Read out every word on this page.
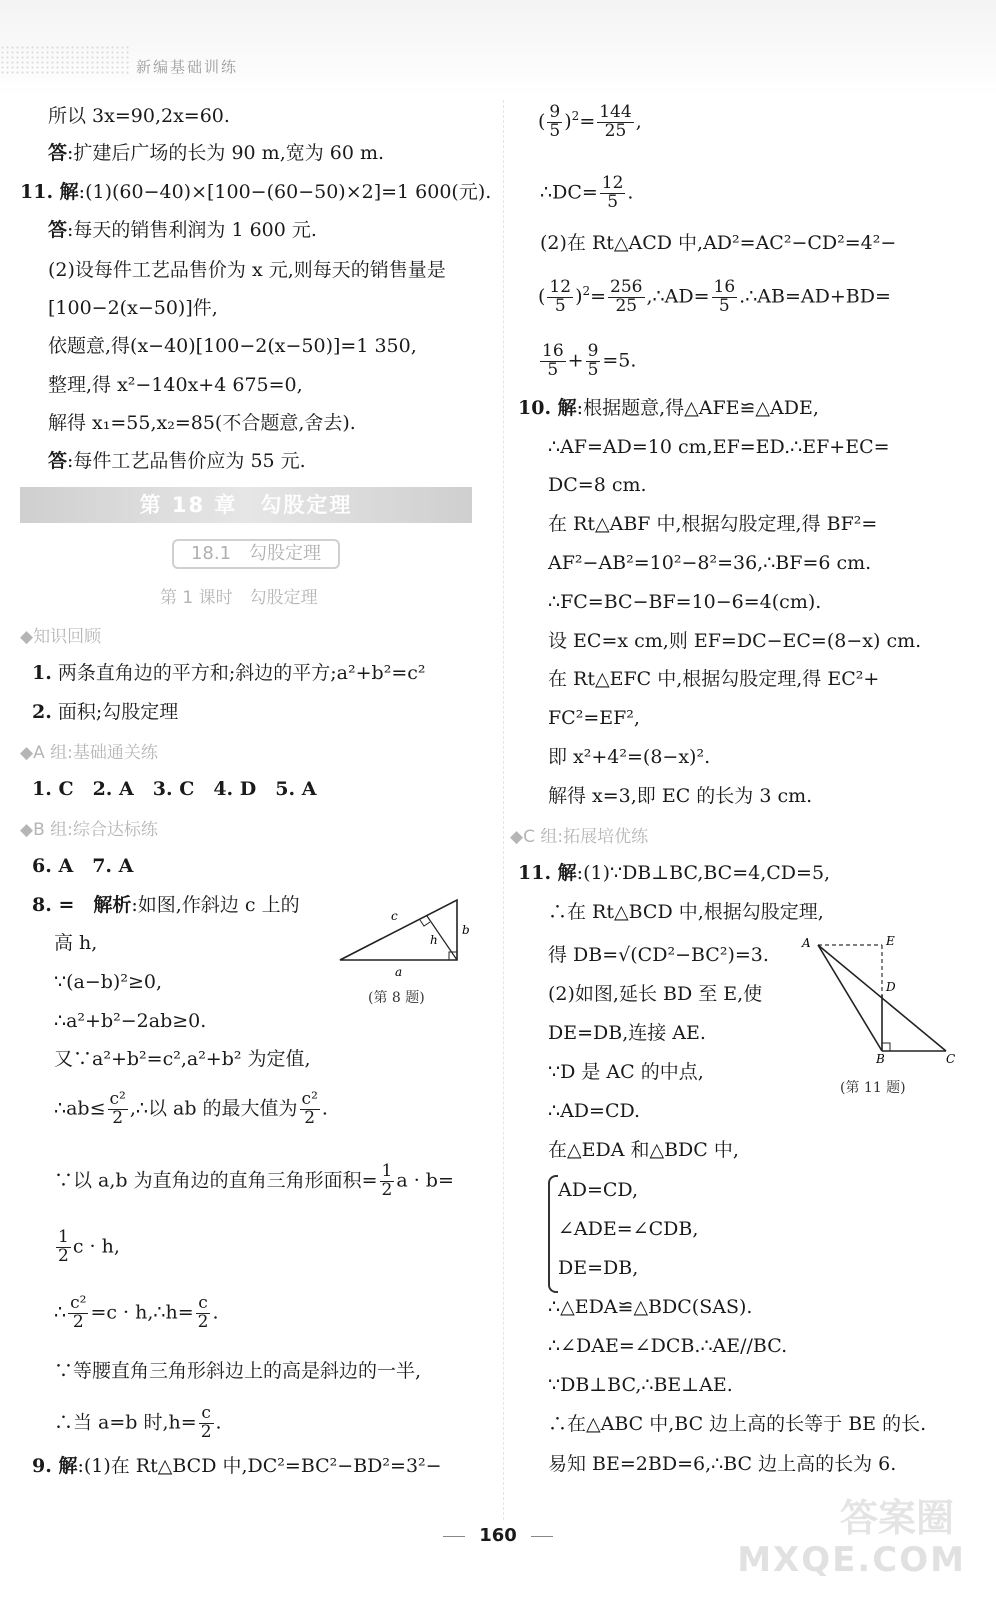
新编基础训练
所以 3x=90,2x=60.
答:扩建后广场的长为 90 m,宽为 60 m.
11. 解:(1)(60−40)×[100−(60−50)×2]=1 600(元).
答:每天的销售利润为 1 600 元.
(2)设每件工艺品售价为 x 元,则每天的销售量是
[100−2(x−50)]件,
依题意,得(x−40)[100−2(x−50)]=1 350,
整理,得 x²−140x+4 675=0,
解得 x₁=55,x₂=85(不合题意,舍去).
答:每件工艺品售价应为 55 元.
第 18 章　勾股定理
18.1　勾股定理
第 1 课时　勾股定理
◆知识回顾
1. 两条直角边的平方和;斜边的平方;a²+b²=c²
2. 面积;勾股定理
◆A 组:基础通关练
1. C　2. A　3. C　4. D　5. A
◆B 组:综合达标练
6. A　7. A
8. =　 解析:如图,作斜边 c 上的
高 h,
∵(a−b)²≥0,
∴a²+b²−2ab≥0.
又∵a²+b²=c²,a²+b² 为定值,
∴ab≤ $\frac{\text{c²}}{2}$ ,∴以 ab 的最大值为 $\frac{\text{c²}}{2}$ .
∵以 a,b 为直角边的直角三角形面积= $\frac{1}{2}$ a · b=
$\frac{1}{2}$ c · h,
∴ $\frac{\text{c²}}{2} =c$ · h,∴h= $\frac{c}{2}$ .
∵等腰直角三角形斜边上的高是斜边的一半,
∴当 a=b 时$,h= \frac{c}{2}$ .
9. 解:(1)在 Rt△BCD 中,DC²=BC²−BD²=3²−
c
h
b
a
(第 8 题)
( $\frac{9}{5} )^2= \frac{144}{25}$ ,
∴DC= $\frac{12}{5}$ .
(2)在 Rt△ACD 中,AD²=AC²−CD²=4²−
( $\frac{12}{5} )^2= \frac{256}{25}$ ,∴AD= $\frac{16}{5}$ .∴AB=AD+BD=
$\frac{16}{5} + \frac{9}{5} =5$.
10. 解:根据题意,得△AFE≌△ADE,
∴AF=AD=10 cm,EF=ED.∴EF+EC=
DC=8 cm.
在 Rt△ABF 中,根据勾股定理,得 BF²=
AF²−AB²=10²−8²=36,∴BF=6 cm.
∴FC=BC−BF=10−6=4(cm).
设 EC=x cm,则 EF=DC−EC=(8−x) cm.
在 Rt△EFC 中,根据勾股定理,得 EC²+
FC²=EF²,
即 x²+4²=(8−x)².
解得 x=3,即 EC 的长为 3 cm.
◆C 组:拓展培优练
11. 解:(1)∵DB⊥BC,BC=4,CD=5,
∴在 Rt△BCD 中,根据勾股定理,
得 DB=√(CD²−BC²)=3.
(2)如图,延长 BD 至 E,使
DE=DB,连接 AE.
∵D 是 AC 的中点,
∴AD=CD.
在△EDA 和△BDC 中,
AD=CD,
∠ADE=∠CDB,
DE=DB,
∴△EDA≌△BDC(SAS).
∴∠DAE=∠DCB.∴AE//BC.
∵DB⊥BC,∴BE⊥AE.
∴在△ABC 中,BC 边上高的长等于 BE 的长.
易知 BE=2BD=6,∴BC 边上高的长为 6.
A	E
D
B	C
(第 11 题)
160	答案圈
MXQE.COM
